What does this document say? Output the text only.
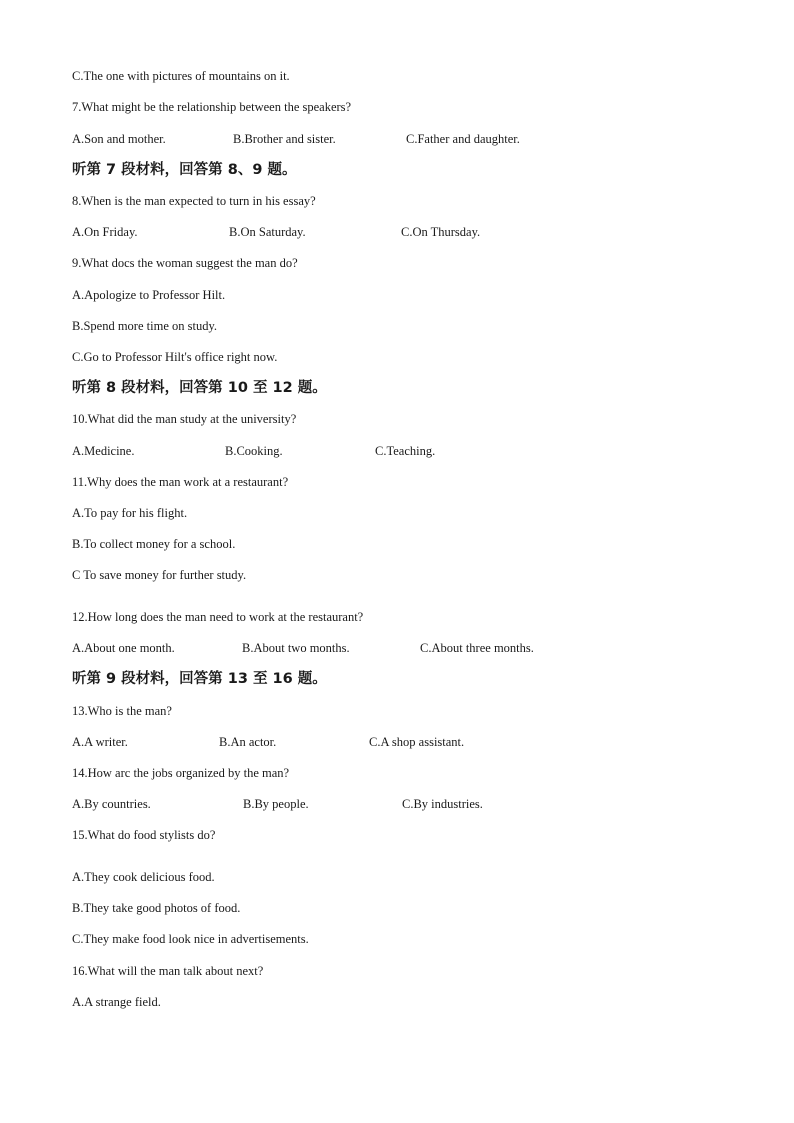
C.The one with pictures of mountains on it.
7.What might be the relationship between the speakers?
A.Son and mother.	B.Brother and sister.	C.Father and daughter.
听第 7 段材料，回答第 8、9 题。
8.When is the man expected to turn in his essay?
A.On Friday.	B.On Saturday.	C.On Thursday.
9.What docs the woman suggest the man do?
A.Apologize to Professor Hilt.
B.Spend more time on study.
C.Go to Professor Hilt's office right now.
听第 8 段材料，回答第 10 至 12 题。
10.What did the man study at the university?
A.Medicine.	B.Cooking.	C.Teaching.
11.Why does the man work at a restaurant?
A.To pay for his flight.
B.To collect money for a school.
C To save money for further study.
12.How long does the man need to work at the restaurant?
A.About one month.	B.About two months.	C.About three months.
听第 9 段材料，回答第 13 至 16 题。
13.Who is the man?
A.A writer.	B.An actor.	C.A shop assistant.
14.How arc the jobs organized by the man?
A.By countries.	B.By people.	C.By industries.
15.What do food stylists do?
A.They cook delicious food.
B.They take good photos of food.
C.They make food look nice in advertisements.
16.What will the man talk about next?
A.A strange field.
